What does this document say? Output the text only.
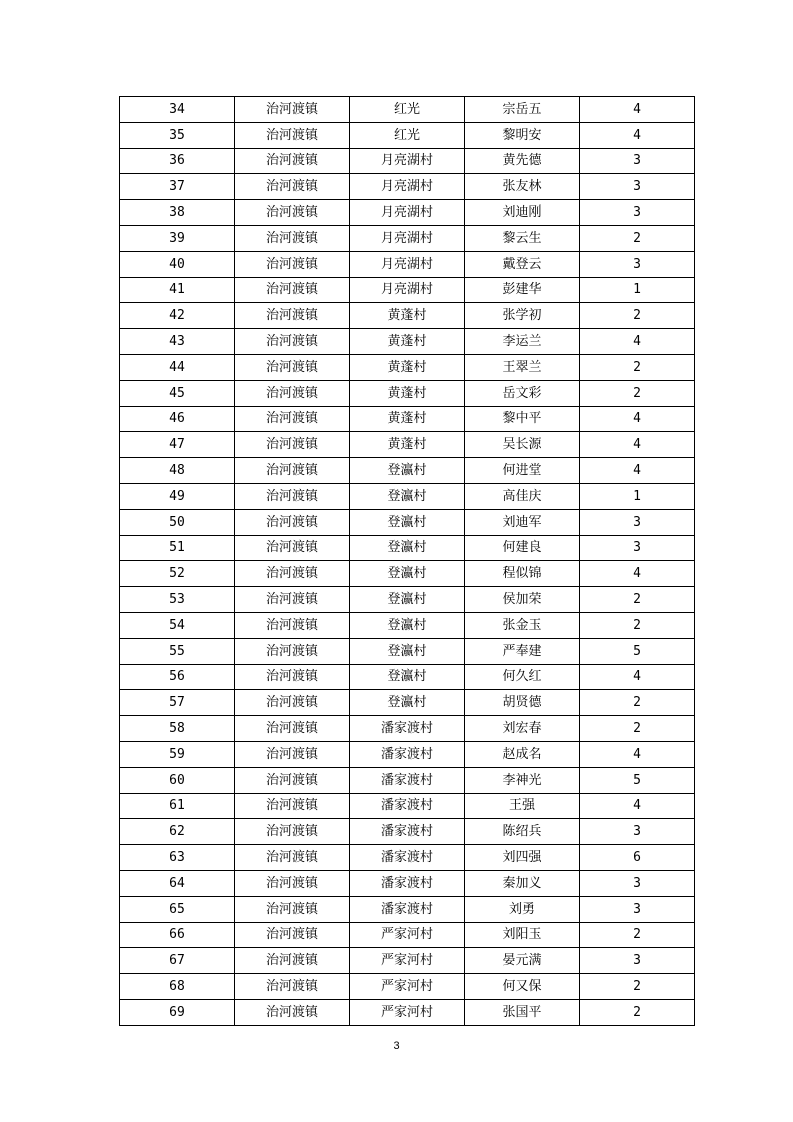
34	治河渡镇	红光	宗岳五	4
35	治河渡镇	红光	黎明安	4
36	治河渡镇	月亮湖村	黄先德	3
37	治河渡镇	月亮湖村	张友林	3
38	治河渡镇	月亮湖村	刘迪刚	3
39	治河渡镇	月亮湖村	黎云生	2
40	治河渡镇	月亮湖村	戴登云	3
41	治河渡镇	月亮湖村	彭建华	1
42	治河渡镇	黄蓬村	张学初	2
43	治河渡镇	黄蓬村	李运兰	4
44	治河渡镇	黄蓬村	王翠兰	2
45	治河渡镇	黄蓬村	岳文彩	2
46	治河渡镇	黄蓬村	黎中平	4
47	治河渡镇	黄蓬村	吴长源	4
48	治河渡镇	登瀛村	何进堂	4
49	治河渡镇	登瀛村	高佳庆	1
50	治河渡镇	登瀛村	刘迪军	3
51	治河渡镇	登瀛村	何建良	3
52	治河渡镇	登瀛村	程似锦	4
53	治河渡镇	登瀛村	侯加荣	2
54	治河渡镇	登瀛村	张金玉	2
55	治河渡镇	登瀛村	严奉建	5
56	治河渡镇	登瀛村	何久红	4
57	治河渡镇	登瀛村	胡贤德	2
58	治河渡镇	潘家渡村	刘宏春	2
59	治河渡镇	潘家渡村	赵成名	4
60	治河渡镇	潘家渡村	李神光	5
61	治河渡镇	潘家渡村	王强	4
62	治河渡镇	潘家渡村	陈绍兵	3
63	治河渡镇	潘家渡村	刘四强	6
64	治河渡镇	潘家渡村	秦加义	3
65	治河渡镇	潘家渡村	刘勇	3
66	治河渡镇	严家河村	刘阳玉	2
67	治河渡镇	严家河村	晏元满	3
68	治河渡镇	严家河村	何又保	2
69	治河渡镇	严家河村	张国平	2
3
